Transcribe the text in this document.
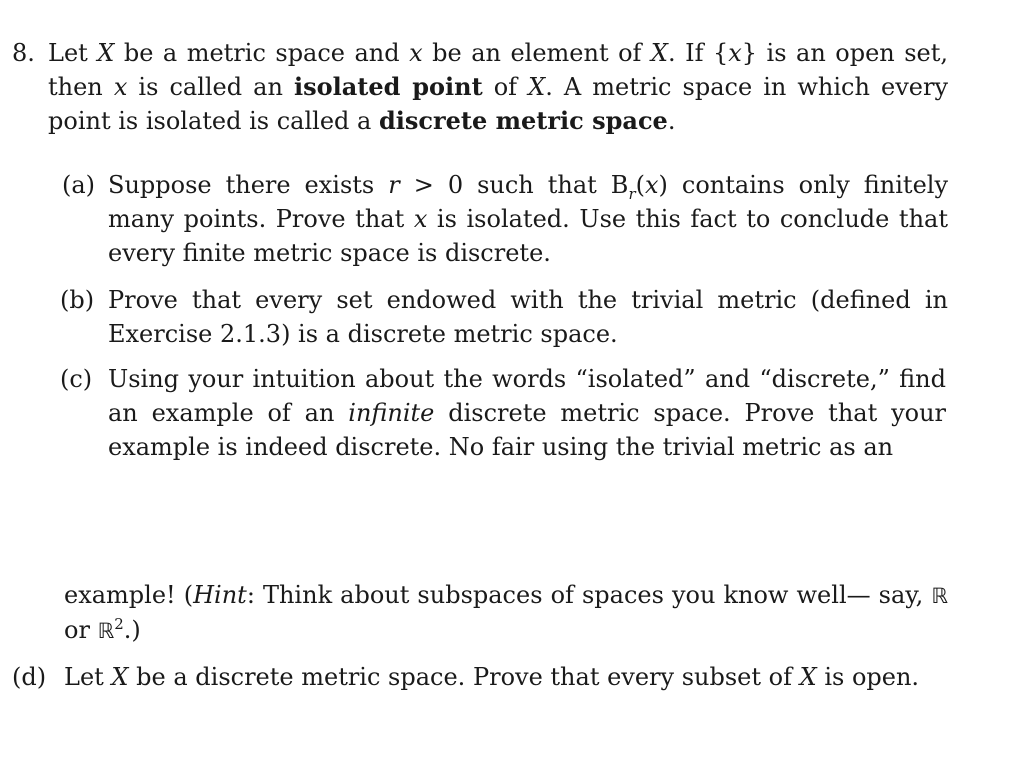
8. Let X be a metric space and x be an element of X. If {x} is an open set, then x is called an isolated point of X. A metric space in which every point is isolated is called a discrete metric space.

(a) Suppose there exists r > 0 such that $B_r(x)$ contains only finitely many points. Prove that x is isolated. Use this fact to conclude that every finite metric space is discrete.

(b) Prove that every set endowed with the trivial metric (defined in Exercise 2.1.3) is a discrete metric space.

(c) Using your intuition about the words “isolated” and “discrete,” find an example of an infinite discrete metric space. Prove that your example is indeed discrete. No fair using the trivial metric as an

example! (Hint: Think about subspaces of spaces you know well— say, ℝ or ℝ$^2$.)

(d) Let X be a discrete metric space. Prove that every subset of X is open.
